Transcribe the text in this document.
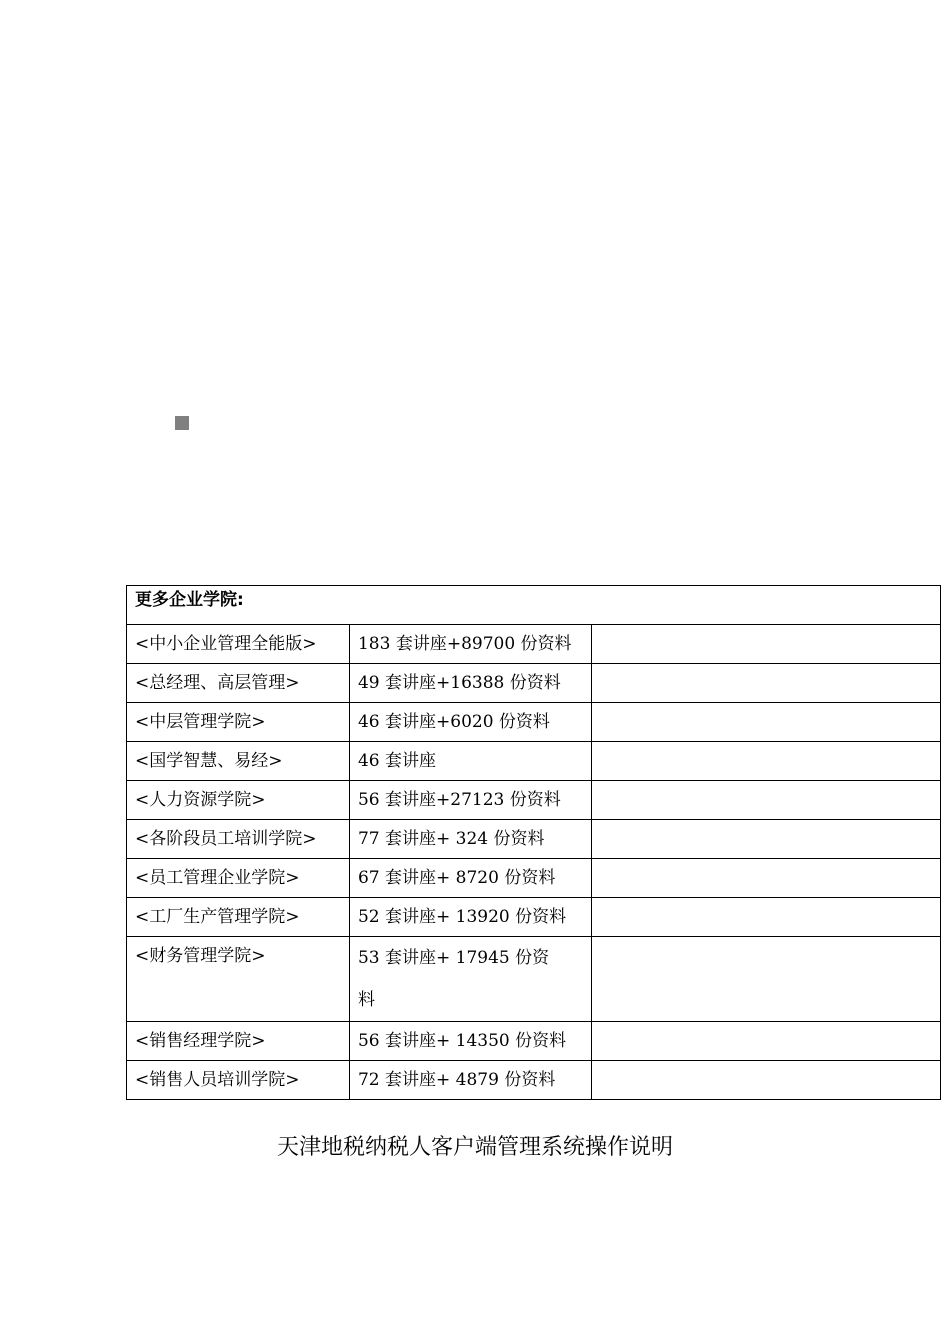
更多企业学院:		
<中小企业管理全能版>	183 套讲座+89700 份资料	
<总经理、高层管理>	49 套讲座+16388 份资料	
<中层管理学院>	46 套讲座+6020 份资料	
<国学智慧、易经>	46 套讲座	
<人力资源学院>	56 套讲座+27123 份资料	
<各阶段员工培训学院>	77 套讲座+ 324 份资料	
<员工管理企业学院>	67 套讲座+ 8720 份资料	
<工厂生产管理学院>	52 套讲座+ 13920 份资料	
<财务管理学院>	53 套讲座+ 17945 份资料	
<销售经理学院>	56 套讲座+ 14350 份资料	
<销售人员培训学院>	72 套讲座+ 4879 份资料	
天津地税纳税人客户端管理系统操作说明
